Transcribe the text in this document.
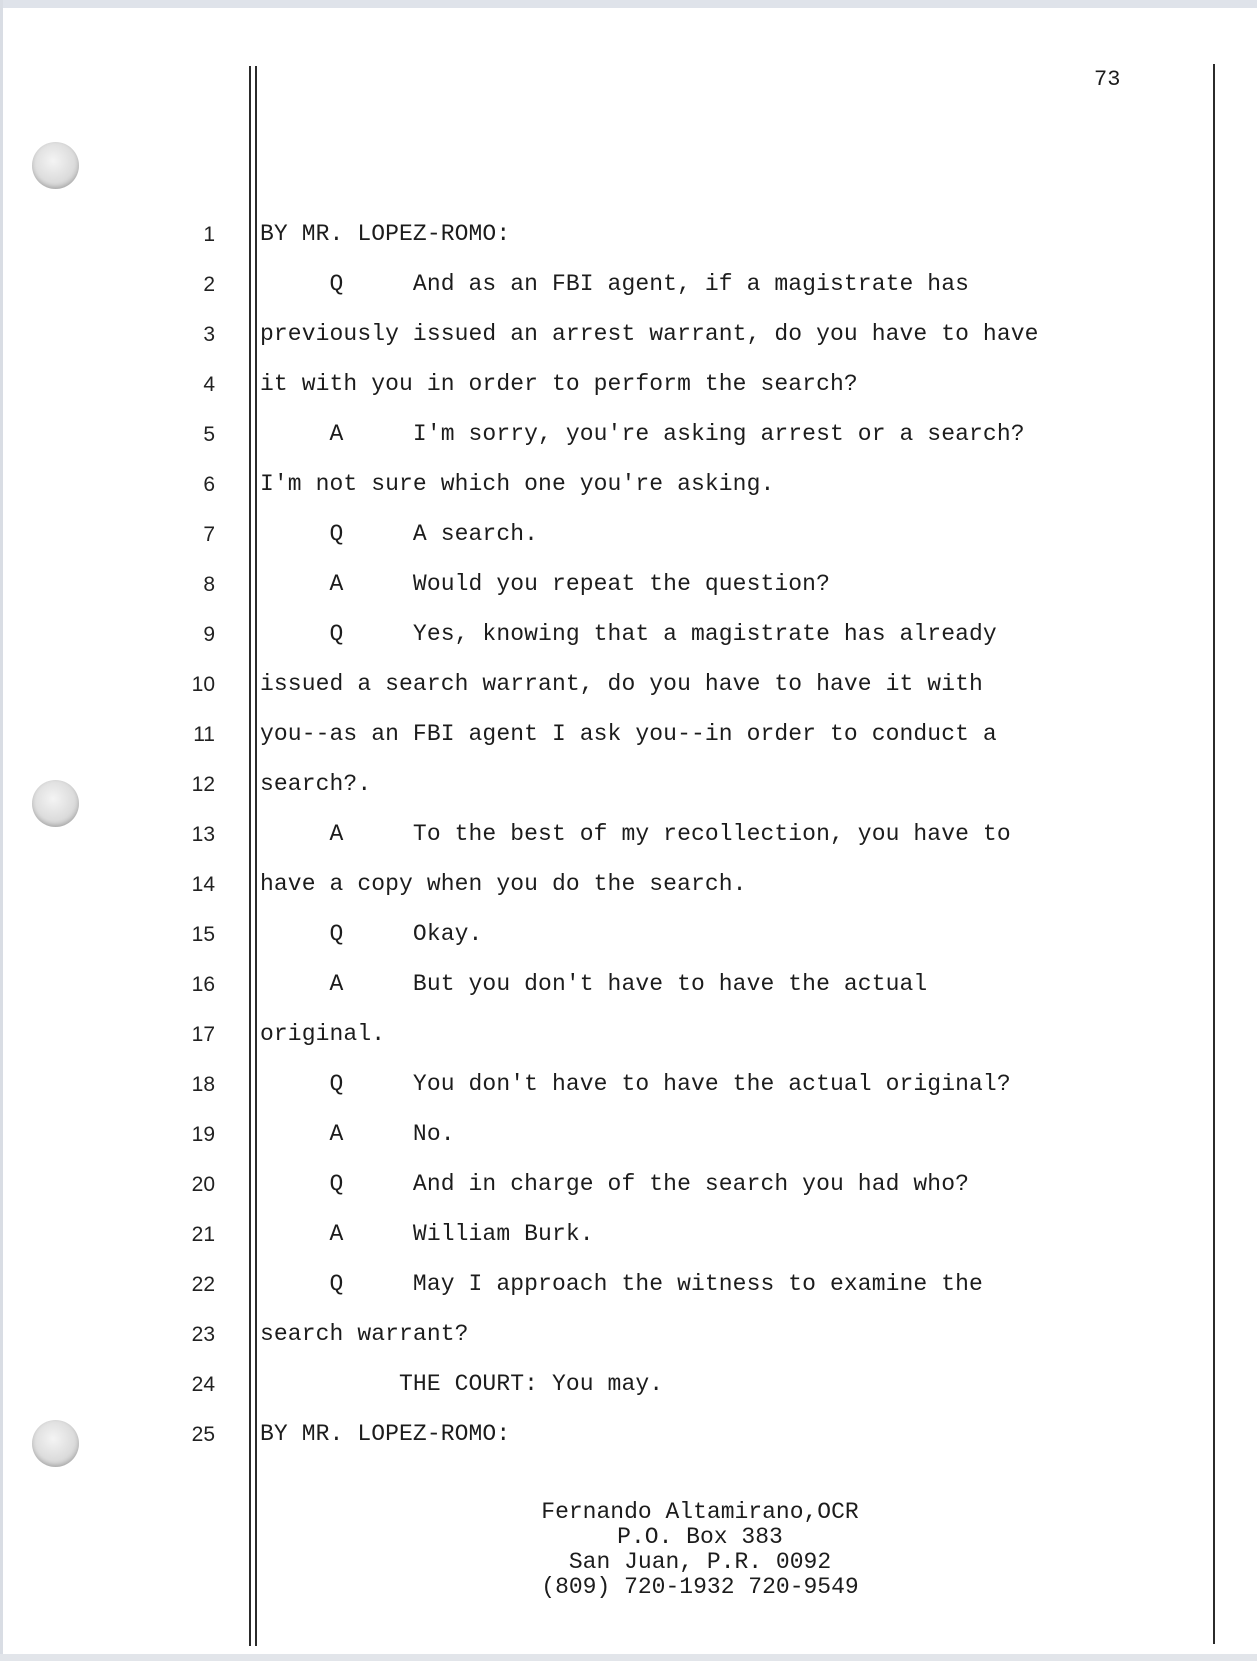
73
1 BY MR. LOPEZ-ROMO:
2 Q     And as an FBI agent, if a magistrate has
3 previously issued an arrest warrant, do you have to have
4 it with you in order to perform the search?
5 A     I'm sorry, you're asking arrest or a search?
6 I'm not sure which one you're asking.
7 Q     A search.
8 A     Would you repeat the question?
9 Q     Yes, knowing that a magistrate has already
10 issued a search warrant, do you have to have it with
11 you--as an FBI agent I ask you--in order to conduct a
12 search?.
13 A     To the best of my recollection, you have to
14 have a copy when you do the search.
15 Q     Okay.
16 A     But you don't have to have the actual
17 original.
18 Q     You don't have to have the actual original?
19 A     No.
20 Q     And in charge of the search you had who?
21 A     William Burk.
22 Q     May I approach the witness to examine the
23 search warrant?
24 THE COURT: You may.
25 BY MR. LOPEZ-ROMO:
Fernando Altamirano,OCR
P.O. Box 383
San Juan, P.R. 0092
(809) 720-1932 720-9549
